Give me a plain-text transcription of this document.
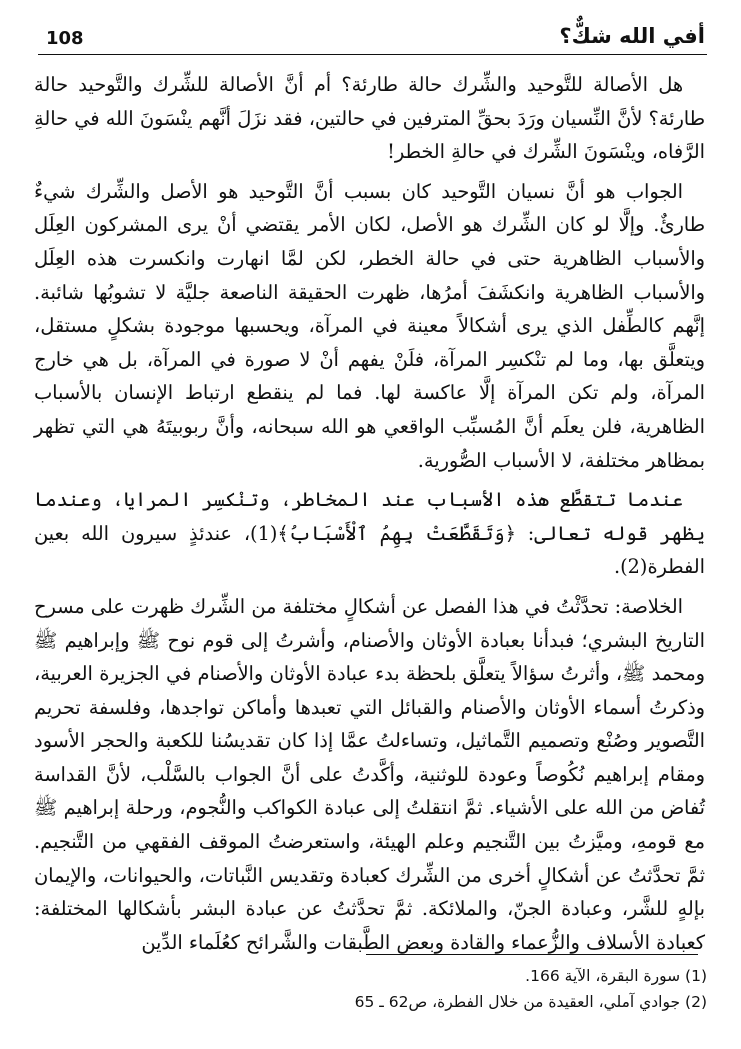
108	أفي الله شكٌّ؟

هل الأصالة للتَّوحيد والشِّرك حالة طارئة؟ أم أنَّ الأصالة للشِّرك والتَّوحيد حالة طارئة؟ لأنَّ النِّسيان ورَدَ بحقِّ المترفين في حالتين، فقد نزَلَ أنَّهم ينْسَونَ الله في حالةِ الرَّفاه، وينْسَونَ الشِّرك في حالةِ الخطر!

الجواب هو أنَّ نسيان التَّوحيد كان بسبب أنَّ التَّوحيد هو الأصل والشِّرك شيءٌ طارئٌ. وإلَّا لو كان الشِّرك هو الأصل، لكان الأمر يقتضي أنْ يرى المشركون العِلَل والأسباب الظاهرية حتى في حالة الخطر، لكن لمَّا انهارت وانكسرت هذه العِلَل والأسباب الظاهرية وانكشَفَ أمرُها، ظهرت الحقيقة الناصعة جليَّة لا تشوبُها شائبة. إنَّهم كالطِّفل الذي يرى أشكالاً معينة في المرآة، ويحسبها موجودة بشكلٍ مستقل، ويتعلَّق بها، وما لم تنْكسِر المرآة، فلَنْ يفهم أنْ لا صورة في المرآة، بل هي خارج المرآة، ولم تكن المرآة إلَّا عاكسة لها. فما لم ينقطع ارتباط الإنسان بالأسباب الظاهرية، فلن يعلَم أنَّ المُسبِّب الواقعي هو الله سبحانه، وأنَّ ربوبيتَهُ هي التي تظهر بمظاهر مختلفة، لا الأسباب الصُّورية.

عندما تتقطَّع هذه الأسباب عند المخاطر، وتنْكسِر المرايا، وعندما يظهر قوله تعالى: ﴿وَتَقَطَّعَتْ بِهِمُ ٱلْأَسْبَابُ﴾(1)، عندئذٍ سيرون الله بعين الفطرة(2).

الخلاصة: تحدَّثْتُ في هذا الفصل عن أشكالٍ مختلفة من الشِّرك ظهرت على مسرح التاريخ البشري؛ فبدأنا بعبادة الأوثان والأصنام، وأشرتُ إلى قوم نوح ﷺ وإبراهيم ﷺ ومحمد ﷺ، وأثرتُ سؤالاً يتعلَّق بلحظة بدء عبادة الأوثان والأصنام في الجزيرة العربية، وذكرتُ أسماء الأوثان والأصنام والقبائل التي تعبدها وأماكن تواجدها، وفلسفة تحريم التَّصوير وصُنْع وتصميم التَّماثيل، وتساءلتُ عمَّا إذا كان تقديسُنا للكعبة والحجر الأسود ومقام إبراهيم نُكُوصاً وعودة للوثنية، وأكَّدتُ على أنَّ الجواب بالسَّلْب، لأنَّ القداسة تُفاض من الله على الأشياء. ثمَّ انتقلتُ إلى عبادة الكواكب والنُّجوم، ورحلة إبراهيم ﷺ مع قومهِ، وميَّزتُ بين التَّنجيم وعلم الهيئة، واستعرضتُ الموقف الفقهي من التَّنجيم. ثمَّ تحدَّثتُ عن أشكالٍ أخرى من الشِّرك كعبادة وتقديس النَّباتات، والحيوانات، والإيمان بإلهٍ للشَّر، وعبادة الجنّ، والملائكة. ثمَّ تحدَّثتُ عن عبادة البشر بأشكالها المختلفة: كعبادة الأسلاف والزُّعماء والقادة وبعض الطَّبقات والشَّرائح كعُلَماء الدِّين

(1) سورة البقرة، الآية 166.

(2) جوادي آملي، العقيدة من خلال الفطرة، ص62 ـ 65
